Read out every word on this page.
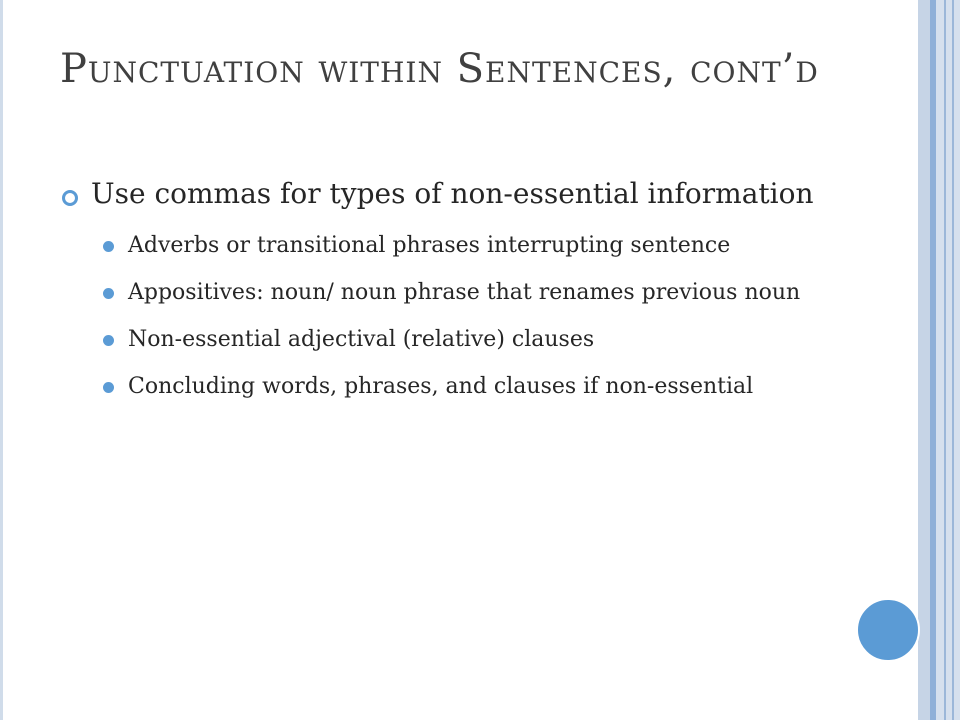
Punctuation within Sentences, cont’d
Use commas for types of non-essential information
Adverbs or transitional phrases interrupting sentence
Appositives: noun/ noun phrase that renames previous noun
Non-essential adjectival (relative) clauses
Concluding words, phrases, and clauses if non-essential
